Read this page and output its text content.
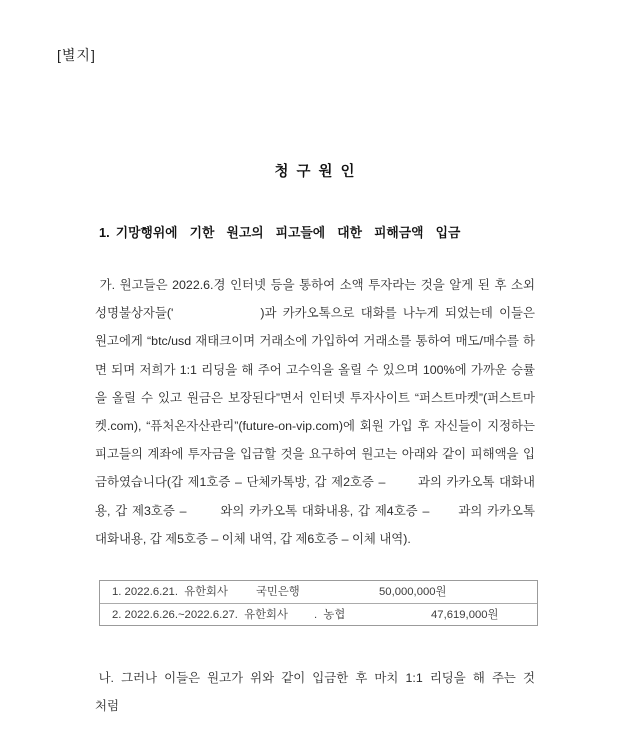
[별지]
청 구 원 인
1. 기망행위에  기한  원고의  피고들에  대한  피해금액  입금
가. 원고들은 2022.6.경 인터넷 등을 통하여 소액 투자라는 것을 알게 된 후 소외
성명불상자들('              )과 카카오톡으로 대화를 나누게 되었는데 이들은
원고에게 “btc/usd 재태크이며 거래소에 가입하여 거래소를 통하여 매도/매수를 하
면 되며 저희가 1:1 리딩을 해 주어 고수익을 올릴 수 있으며 100%에 가까운 승률
을 올릴 수 있고 원금은 보장된다”면서 인터넷 투자사이트 “퍼스트마켓”(퍼스트마
켓.com), “퓨처온자산관리”(future-on-vip.com)에 회원 가입 후 자신들이 지정하는
피고들의 계좌에 투자금을 입금할 것을 요구하여 원고는 아래와 같이 피해액을 입
금하였습니다(갑 제1호증 – 단체카톡방, 갑 제2호증 –       과의 카카오톡 대화내
용, 갑 제3호증 –       와의 카카오톡 대화내용, 갑 제4호증 –      과의 카카오톡
대화내용, 갑 제5호증 – 이체 내역, 갑 제6호증 – 이체 내역).
1. 2022.6.21.  유한회사 국민은행	50,000,000원
2. 2022.6.26.~2022.6.27.  유한회사 .  농협	47,619,000원
나.  그러나  이들은  원고가  위와  같이  입금한  후  마치  1:1  리딩을  해  주는  것처럼
